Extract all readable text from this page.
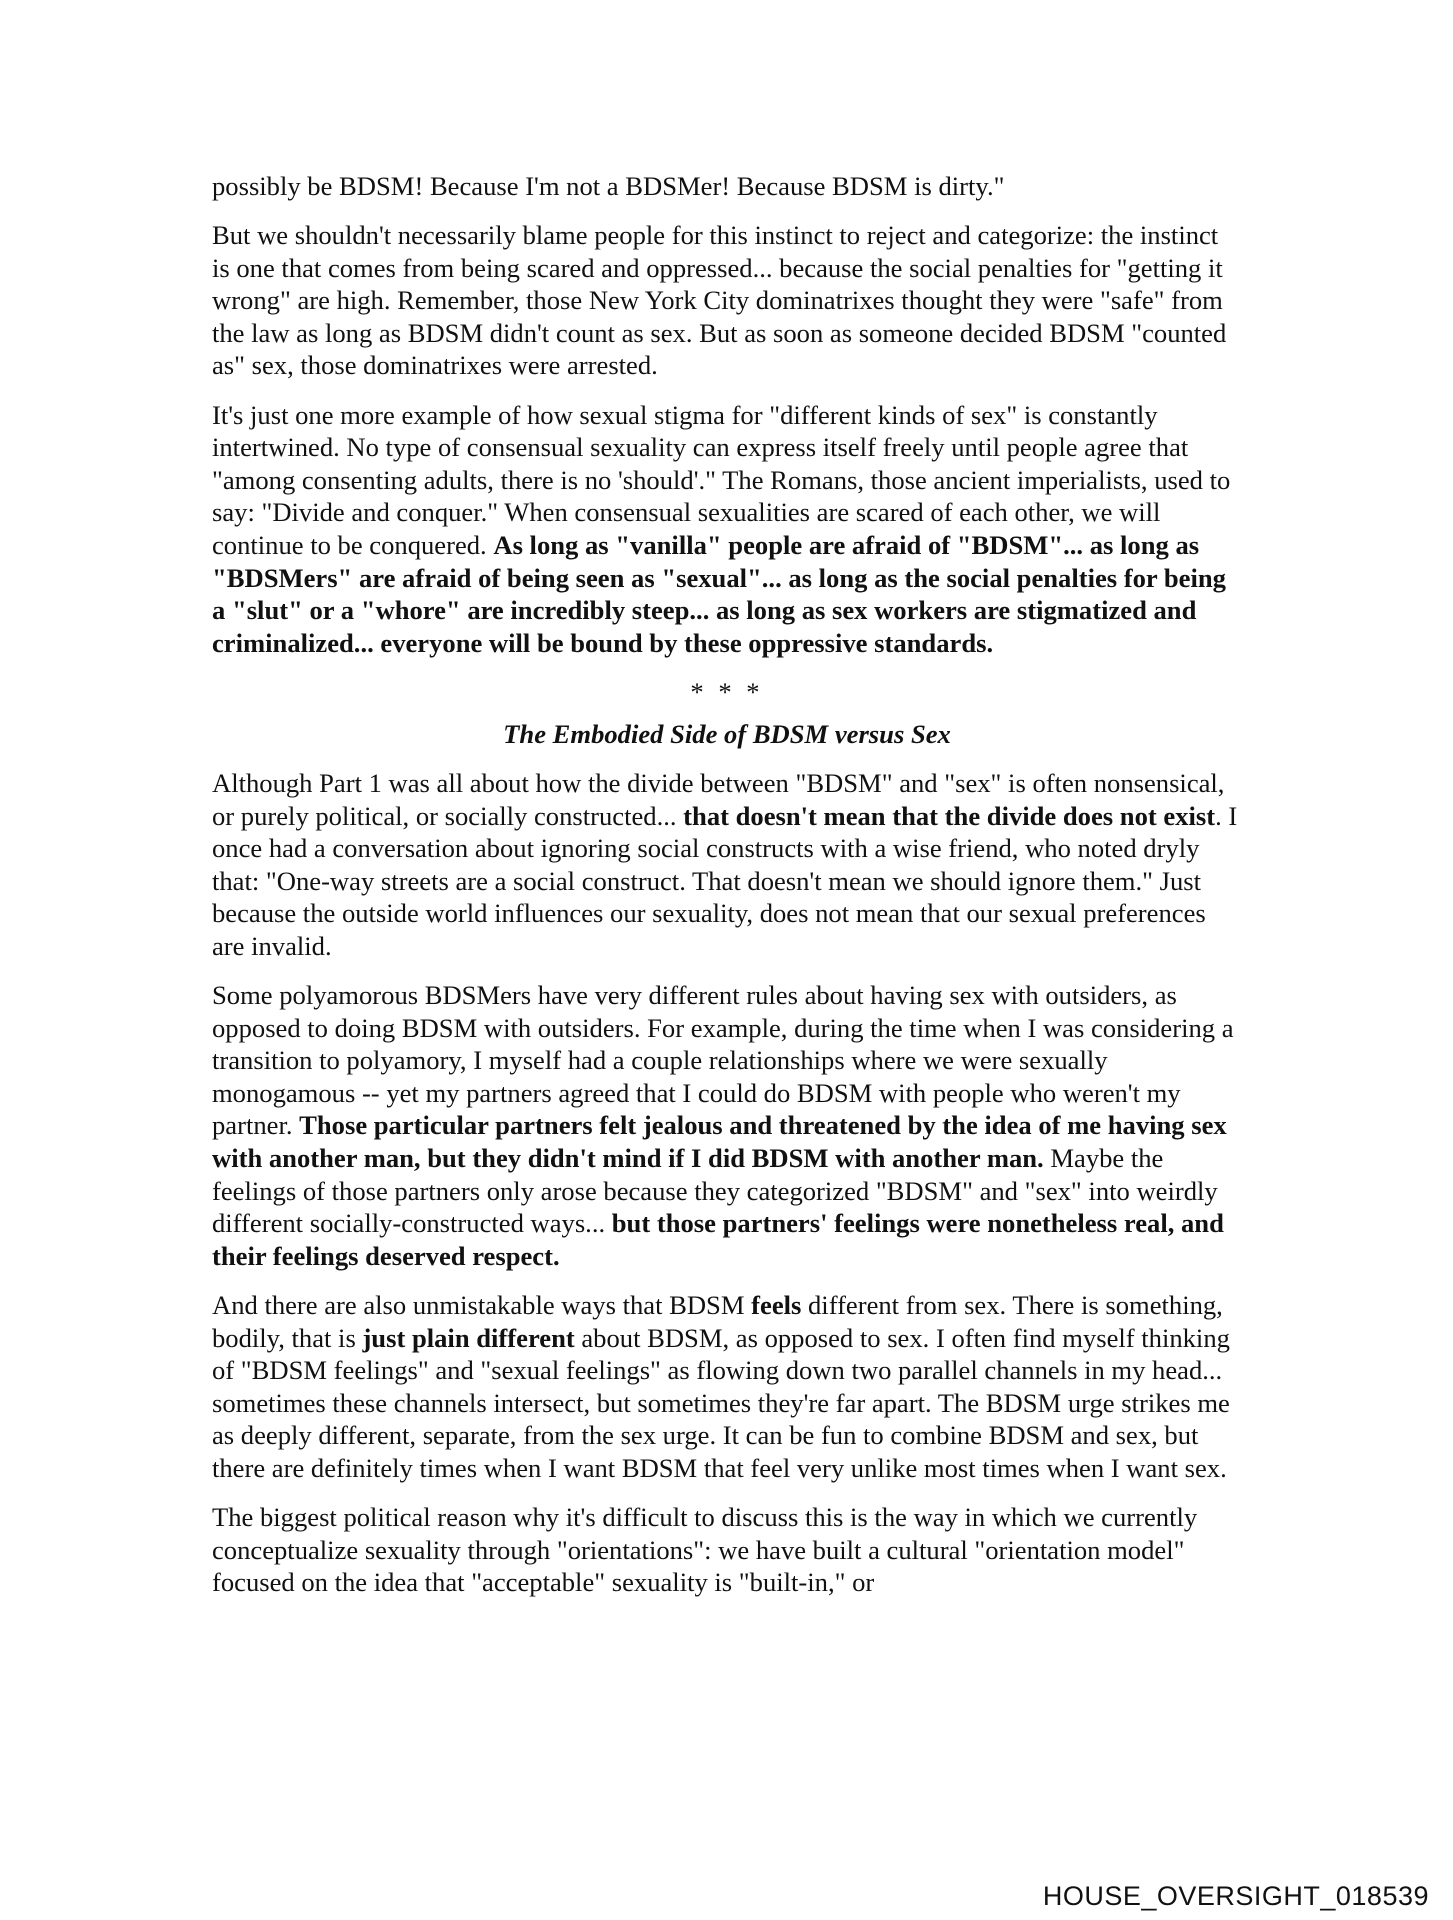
possibly be BDSM! Because I'm not a BDSMer! Because BDSM is dirty."

But we shouldn't necessarily blame people for this instinct to reject and categorize: the instinct is one that comes from being scared and oppressed... because the social penalties for "getting it wrong" are high. Remember, those New York City dominatrixes thought they were "safe" from the law as long as BDSM didn't count as sex. But as soon as someone decided BDSM "counted as" sex, those dominatrixes were arrested.

It's just one more example of how sexual stigma for "different kinds of sex" is constantly intertwined. No type of consensual sexuality can express itself freely until people agree that "among consenting adults, there is no 'should'." The Romans, those ancient imperialists, used to say: "Divide and conquer." When consensual sexualities are scared of each other, we will continue to be conquered. As long as "vanilla" people are afraid of "BDSM"... as long as "BDSMers" are afraid of being seen as "sexual"... as long as the social penalties for being a "slut" or a "whore" are incredibly steep... as long as sex workers are stigmatized and criminalized... everyone will be bound by these oppressive standards.

* * *
The Embodied Side of BDSM versus Sex

Although Part 1 was all about how the divide between "BDSM" and "sex" is often nonsensical, or purely political, or socially constructed... that doesn't mean that the divide does not exist. I once had a conversation about ignoring social constructs with a wise friend, who noted dryly that: "One-way streets are a social construct. That doesn't mean we should ignore them." Just because the outside world influences our sexuality, does not mean that our sexual preferences are invalid.

Some polyamorous BDSMers have very different rules about having sex with outsiders, as opposed to doing BDSM with outsiders. For example, during the time when I was considering a transition to polyamory, I myself had a couple relationships where we were sexually monogamous -- yet my partners agreed that I could do BDSM with people who weren't my partner. Those particular partners felt jealous and threatened by the idea of me having sex with another man, but they didn't mind if I did BDSM with another man. Maybe the feelings of those partners only arose because they categorized "BDSM" and "sex" into weirdly different socially-constructed ways... but those partners' feelings were nonetheless real, and their feelings deserved respect.

And there are also unmistakable ways that BDSM feels different from sex. There is something, bodily, that is just plain different about BDSM, as opposed to sex. I often find myself thinking of "BDSM feelings" and "sexual feelings" as flowing down two parallel channels in my head... sometimes these channels intersect, but sometimes they're far apart. The BDSM urge strikes me as deeply different, separate, from the sex urge. It can be fun to combine BDSM and sex, but there are definitely times when I want BDSM that feel very unlike most times when I want sex.

The biggest political reason why it's difficult to discuss this is the way in which we currently conceptualize sexuality through "orientations": we have built a cultural "orientation model" focused on the idea that "acceptable" sexuality is "built-in," or

HOUSE_OVERSIGHT_018539
